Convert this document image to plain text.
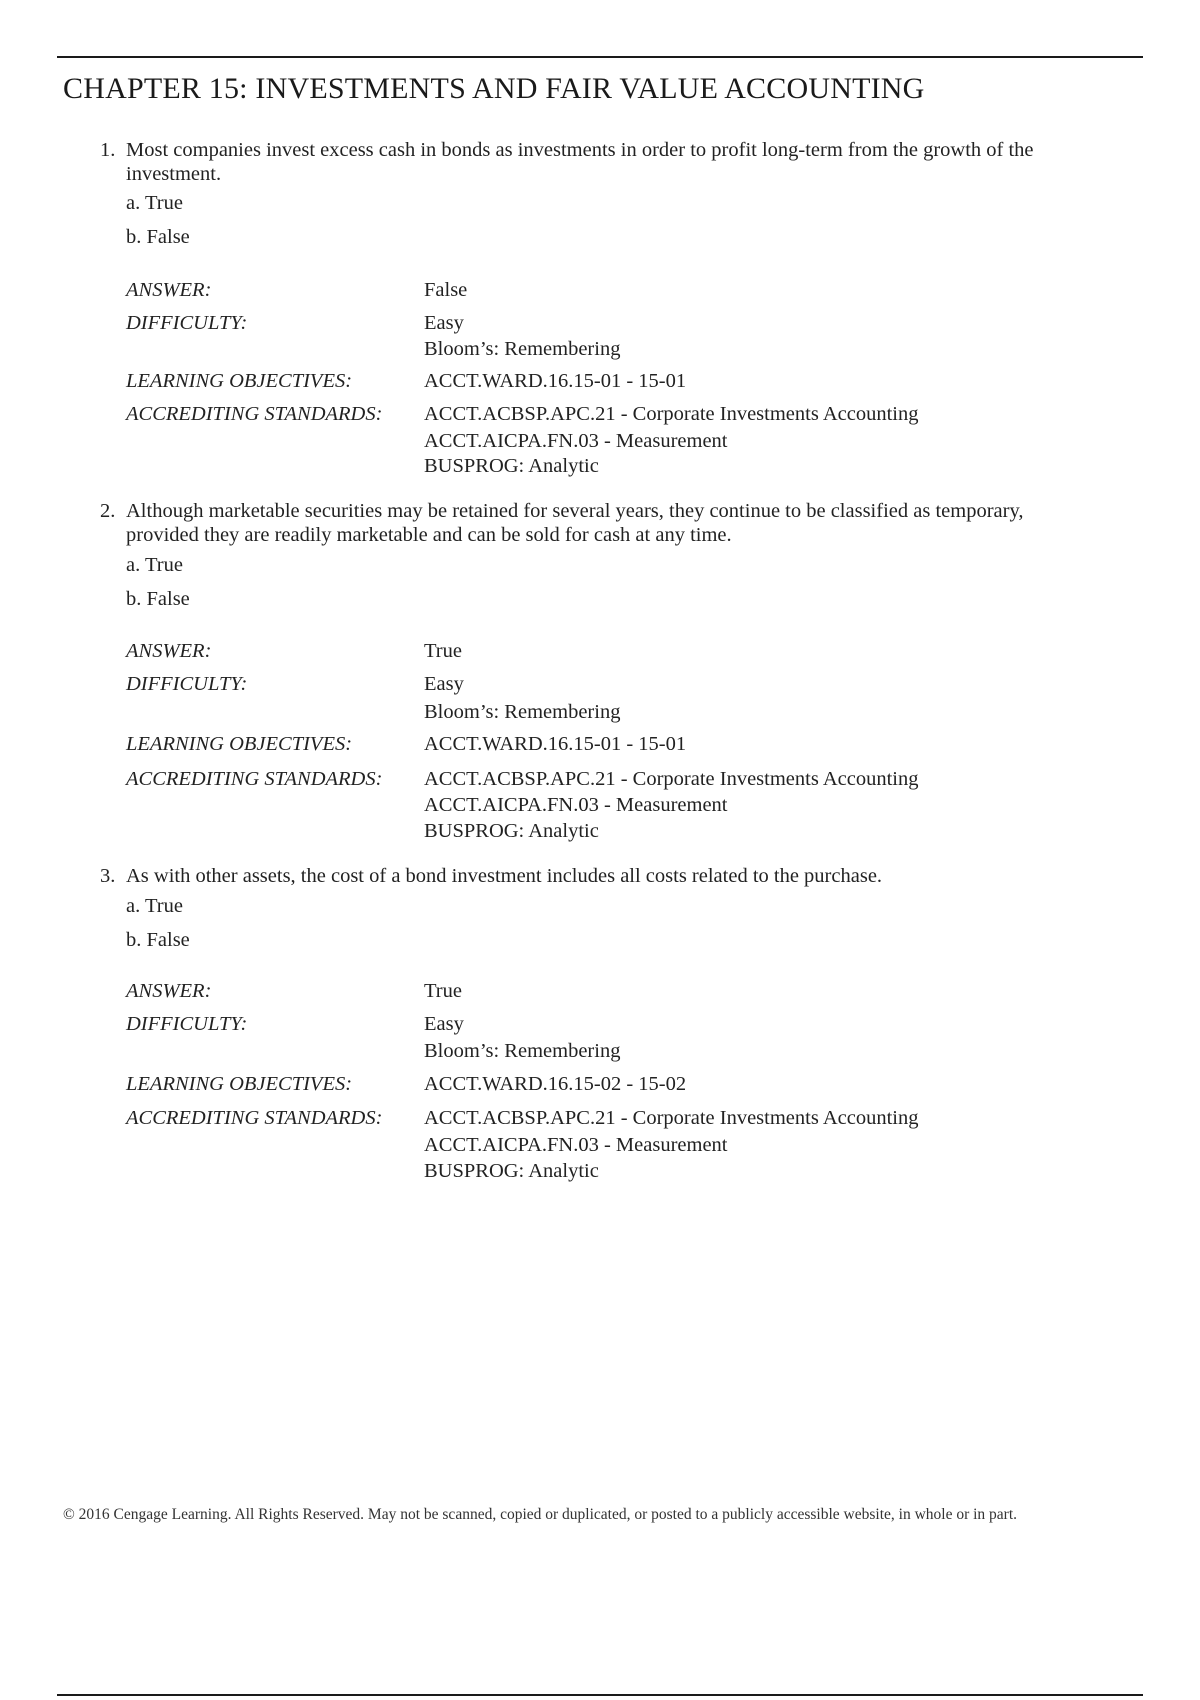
CHAPTER 15: INVESTMENTS AND FAIR VALUE ACCOUNTING
1. Most companies invest excess cash in bonds as investments in order to profit long-term from the growth of the investment.
a. True
b. False
ANSWER:	False
DIFFICULTY:	Easy
Bloom’s: Remembering
LEARNING OBJECTIVES:	ACCT.WARD.16.15-01 - 15-01
ACCREDITING STANDARDS: ACCT.ACBSP.APC.21 - Corporate Investments Accounting
ACCT.AICPA.FN.03 - Measurement
BUSPROG: Analytic
2. Although marketable securities may be retained for several years, they continue to be classified as temporary, provided they are readily marketable and can be sold for cash at any time.
a. True
b. False
ANSWER:	True
DIFFICULTY:	Easy
Bloom’s: Remembering
LEARNING OBJECTIVES:	ACCT.WARD.16.15-01 - 15-01
ACCREDITING STANDARDS: ACCT.ACBSP.APC.21 - Corporate Investments Accounting
ACCT.AICPA.FN.03 - Measurement
BUSPROG: Analytic
3. As with other assets, the cost of a bond investment includes all costs related to the purchase.
a. True
b. False
ANSWER:	True
DIFFICULTY:	Easy
Bloom’s: Remembering
LEARNING OBJECTIVES:	ACCT.WARD.16.15-02 - 15-02
ACCREDITING STANDARDS: ACCT.ACBSP.APC.21 - Corporate Investments Accounting
ACCT.AICPA.FN.03 - Measurement
BUSPROG: Analytic
© 2016 Cengage Learning. All Rights Reserved. May not be scanned, copied or duplicated, or posted to a publicly accessible website, in whole or in part.
